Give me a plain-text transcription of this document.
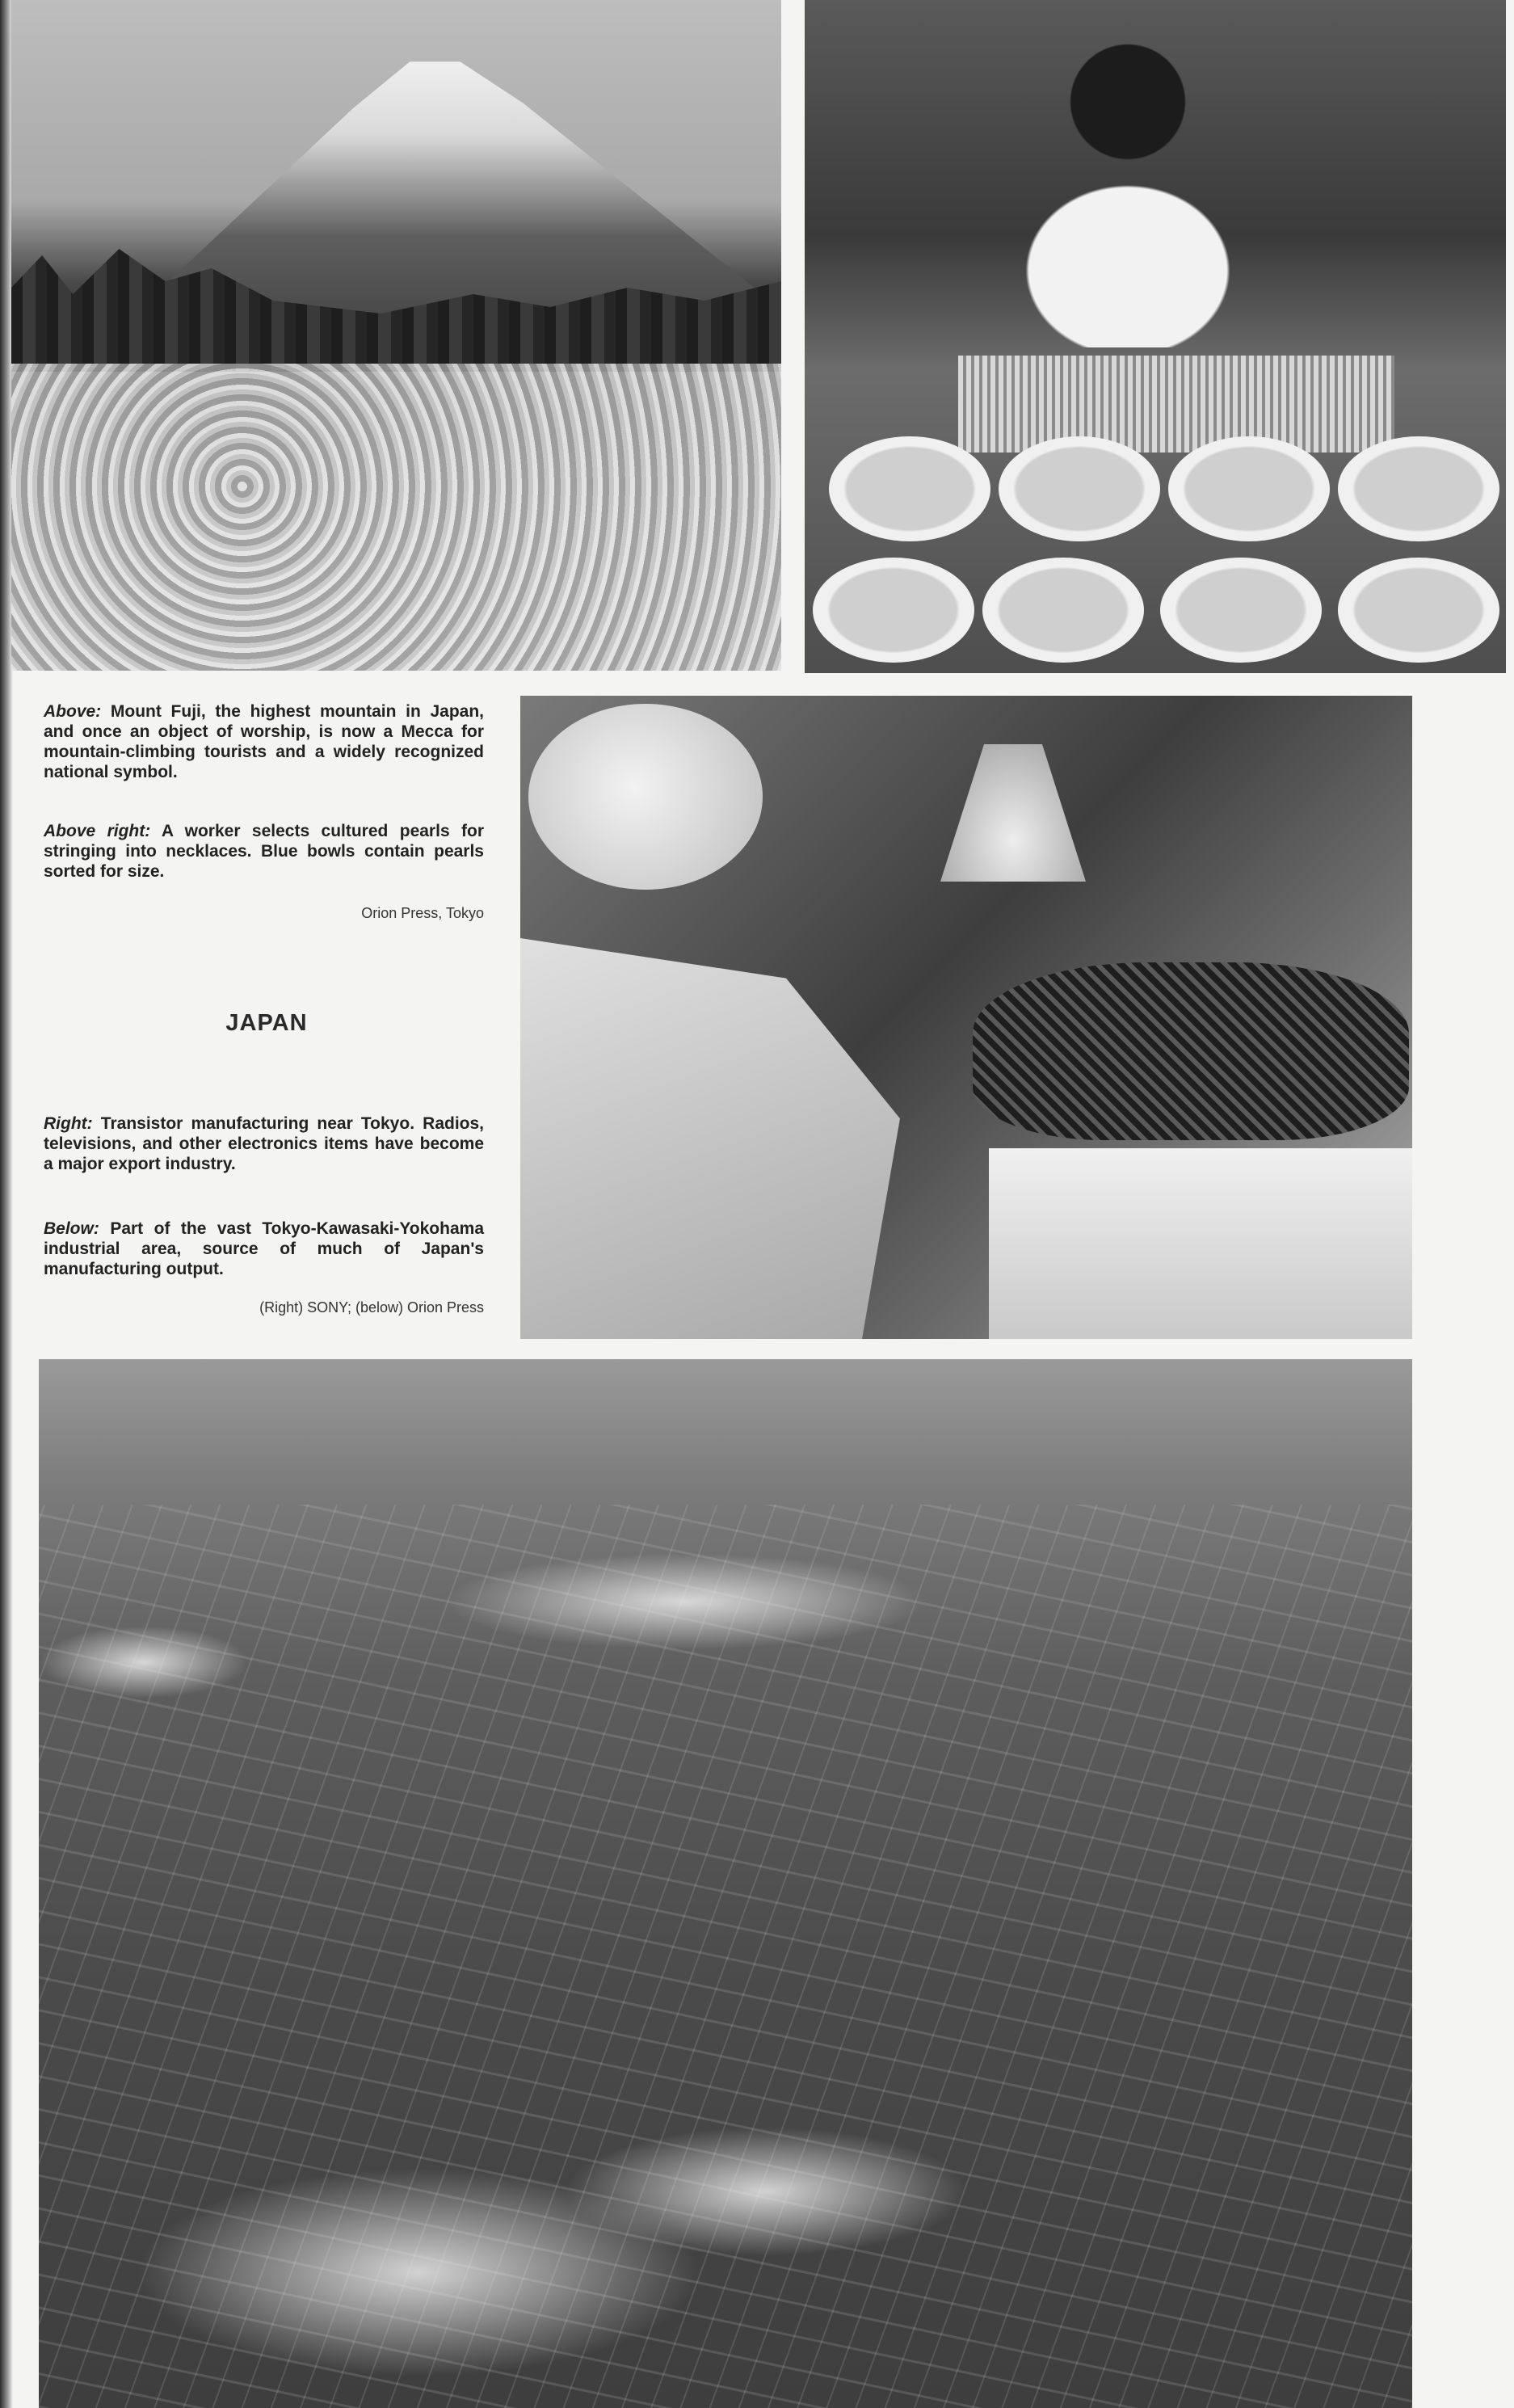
Above: Mount Fuji, the highest mountain in Japan, and once an object of worship, is now a Mecca for mountain-climbing tourists and a widely recognized national symbol.
Above right: A worker selects cultured pearls for stringing into necklaces. Blue bowls contain pearls sorted for size.
Orion Press, Tokyo
JAPAN
Right: Transistor manufacturing near Tokyo. Radios, televisions, and other electronics items have become a major export industry.
Below: Part of the vast Tokyo-Kawasaki-Yokohama industrial area, source of much of Japan's manufacturing output.
(Right) SONY; (below) Orion Press
